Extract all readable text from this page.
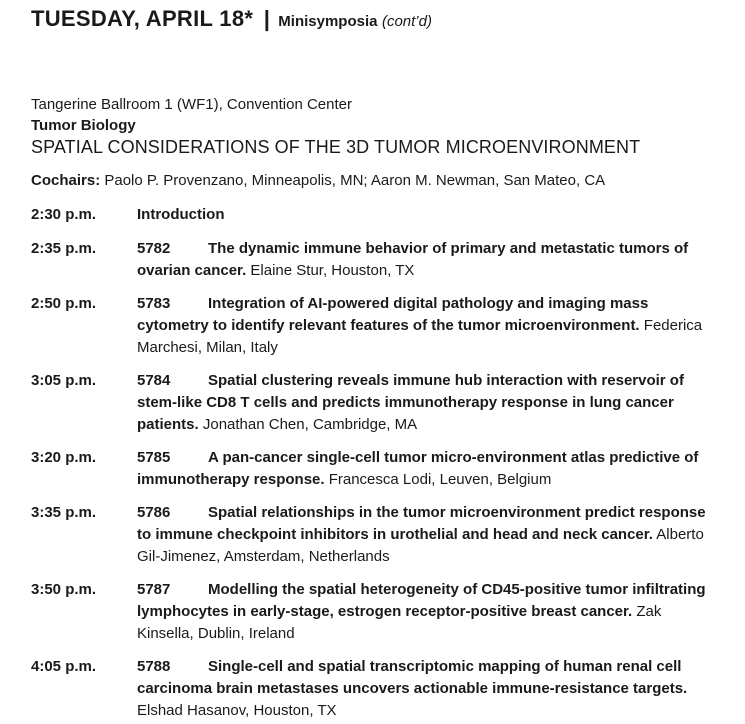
TUESDAY, APRIL 18* | Minisymposia (cont’d)
Tangerine Ballroom 1 (WF1), Convention Center
Tumor Biology
SPATIAL CONSIDERATIONS OF THE 3D TUMOR MICROENVIRONMENT
Cochairs: Paolo P. Provenzano, Minneapolis, MN; Aaron M. Newman, San Mateo, CA
2:30 p.m.	Introduction
2:35 p.m.	5782	The dynamic immune behavior of primary and metastatic tumors of ovarian cancer. Elaine Stur, Houston, TX
2:50 p.m.	5783	Integration of AI-powered digital pathology and imaging mass cytometry to identify relevant features of the tumor microenvironment. Federica Marchesi, Milan, Italy
3:05 p.m.	5784	Spatial clustering reveals immune hub interaction with reservoir of stem-like CD8 T cells and predicts immunotherapy response in lung cancer patients. Jonathan Chen, Cambridge, MA
3:20 p.m.	5785	A pan-cancer single-cell tumor micro-environment atlas predictive of immunotherapy response. Francesca Lodi, Leuven, Belgium
3:35 p.m.	5786	Spatial relationships in the tumor microenvironment predict response to immune checkpoint inhibitors in urothelial and head and neck cancer. Alberto Gil-Jimenez, Amsterdam, Netherlands
3:50 p.m.	5787	Modelling the spatial heterogeneity of CD45-positive tumor infiltrating lymphocytes in early-stage, estrogen receptor-positive breast cancer. Zak Kinsella, Dublin, Ireland
4:05 p.m.	5788	Single-cell and spatial transcriptomic mapping of human renal cell carcinoma brain metastases uncovers actionable immune-resistance targets. Elshad Hasanov, Houston, TX
